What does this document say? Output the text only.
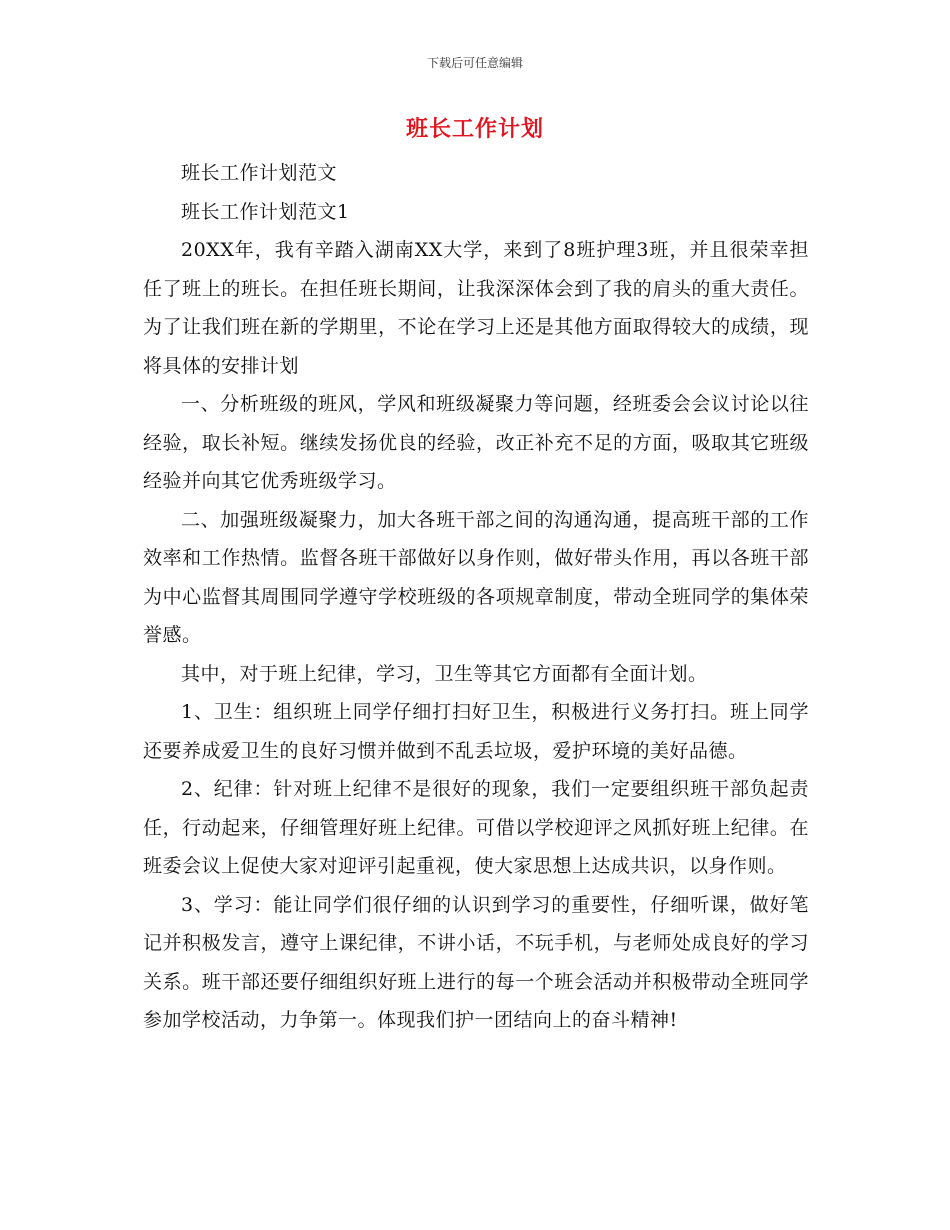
下载后可任意编辑
班长工作计划

班长工作计划范文

班长工作计划范文1

20XX年，我有辛踏入湖南XX大学，来到了8班护理3班，并且很荣幸担任了班上的班长。在担任班长期间，让我深深体会到了我的肩头的重大责任。为了让我们班在新的学期里，不论在学习上还是其他方面取得较大的成绩，现将具体的安排计划

一、分析班级的班风，学风和班级凝聚力等问题，经班委会会议讨论以往经验，取长补短。继续发扬优良的经验，改正补充不足的方面，吸取其它班级经验并向其它优秀班级学习。

二、加强班级凝聚力，加大各班干部之间的沟通沟通，提高班干部的工作效率和工作热情。监督各班干部做好以身作则，做好带头作用，再以各班干部为中心监督其周围同学遵守学校班级的各项规章制度，带动全班同学的集体荣誉感。

其中，对于班上纪律，学习，卫生等其它方面都有全面计划。

1、卫生：组织班上同学仔细打扫好卫生，积极进行义务打扫。班上同学还要养成爱卫生的良好习惯并做到不乱丢垃圾，爱护环境的美好品德。

2、纪律：针对班上纪律不是很好的现象，我们一定要组织班干部负起责任，行动起来，仔细管理好班上纪律。可借以学校迎评之风抓好班上纪律。在班委会议上促使大家对迎评引起重视，使大家思想上达成共识，以身作则。

3、学习：能让同学们很仔细的认识到学习的重要性，仔细听课，做好笔记并积极发言，遵守上课纪律，不讲小话，不玩手机，与老师处成良好的学习关系。班干部还要仔细组织好班上进行的每一个班会活动并积极带动全班同学参加学校活动，力争第一。体现我们护一团结向上的奋斗精神!
